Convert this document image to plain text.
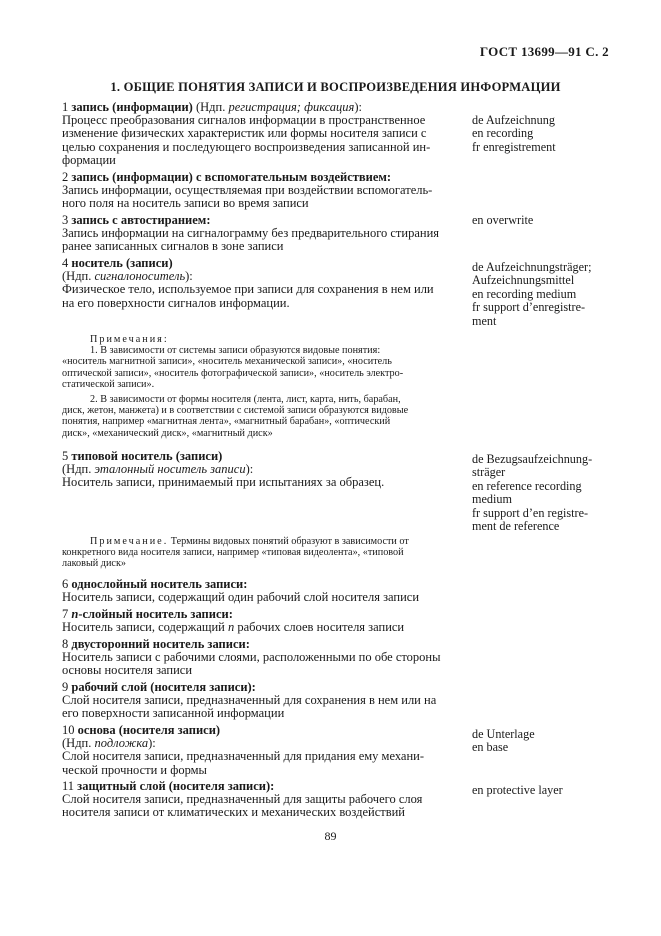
ГОСТ 13699—91 С. 2
1. ОБЩИЕ ПОНЯТИЯ ЗАПИСИ И ВОСПРОИЗВЕДЕНИЯ ИНФОРМАЦИИ
1 запись (информации) (Ндп. регистрация; фиксация):
Процесс преобразования сигналов информации в пространственное
изменение физических характеристик или формы носителя записи с
целью сохранения и последующего воспроизведения записанной ин-
формации
de Aufzeichnung
en recording
fr enregistrement
2 запись (информации) с вспомогательным воздействием:
Запись информации, осуществляемая при воздействии вспомогатель-
ного поля на носитель записи во время записи
3 запись с автостиранием:
Запись информации на сигналограмму без предварительного стирания
ранее записанных сигналов в зоне записи
en overwrite
4 носитель (записи)
(Ндп. сигналоноситель):
Физическое тело, используемое при записи для сохранения в нем или
на его поверхности сигналов информации.
de Aufzeichnungsträger;
Aufzeichnungsmittel
en recording medium
fr support d’enregistre-
ment
Примечания:
1. В зависимости от системы записи образуются видовые понятия:
«носитель магнитной записи», «носитель механической записи», «носитель
оптической записи», «носитель фотографической записи», «носитель электро-
статической записи».
2. В зависимости от формы носителя (лента, лист, карта, нить, барабан,
диск, жетон, манжета) и в соответствии с системой записи образуются видовые
понятия, например «магнитная лента», «магнитный барабан», «оптический
диск», «механический диск», «магнитный диск»
5 типовой носитель (записи)
(Ндп. эталонный носитель записи):
Носитель записи, принимаемый при испытаниях за образец.
de Bezugsaufzeichnung-
sträger
en reference recording
medium
fr support d’en registre-
ment de reference
Примечание. Термины видовых понятий образуют в зависимости от
конкретного вида носителя записи, например «типовая видеолента», «типовой
лаковый диск»
6 однослойный носитель записи:
Носитель записи, содержащий один рабочий слой носителя записи
7 n-слойный носитель записи:
Носитель записи, содержащий n рабочих слоев носителя записи
8 двусторонний носитель записи:
Носитель записи с рабочими слоями, расположенными по обе стороны
основы носителя записи
9 рабочий слой (носителя записи):
Слой носителя записи, предназначенный для сохранения в нем или на
его поверхности записанной информации
10 основа (носителя записи)
(Ндп. подложка):
Слой носителя записи, предназначенный для придания ему механи-
ческой прочности и формы
de Unterlage
en base
11 защитный слой (носителя записи):
Слой носителя записи, предназначенный для защиты рабочего слоя
носителя записи от климатических и механических воздействий
en protective layer
89
